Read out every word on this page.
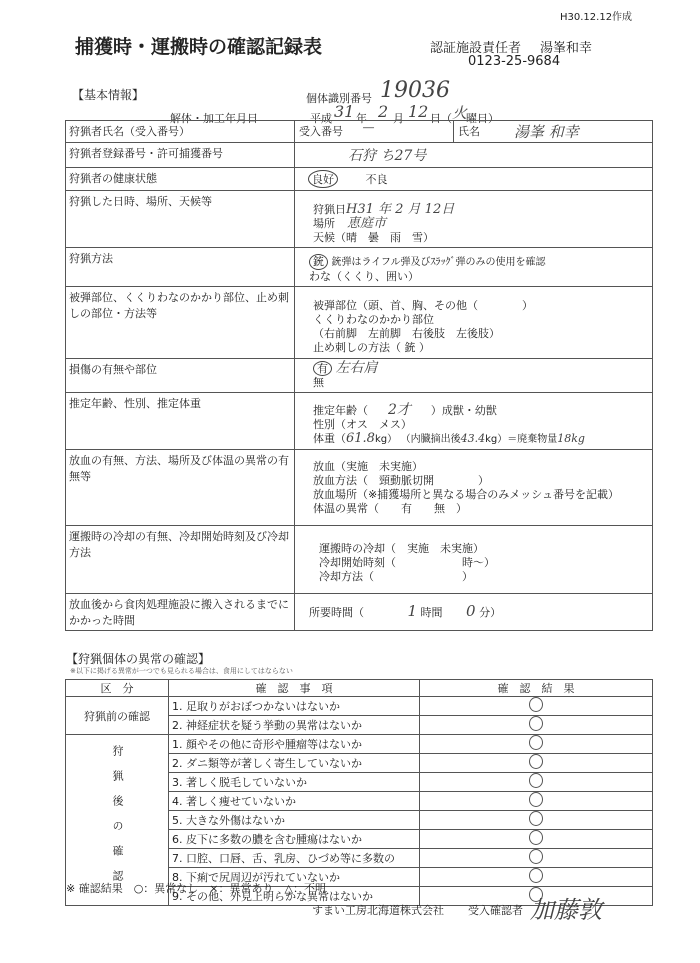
H30.12.12作成
捕獲時・運搬時の確認記録表	認証施設責任者 湯峯和幸
0123-25-9684
【基本情報】	個体識別番号 19036
解体・加工年月日	平成 31 年 2 月 12 日（ 火
曜日）
狩猟者氏名（受入番号）	受入番号 ― 氏名 湯峯 和幸

狩猟者登録番号・許可捕獲番号	石狩 ち27号
狩猟者の健康状態	良好 不良
狩猟した日時、場所、天候等	狩猟日H31 年 2 月 12日
場所 恵庭市
天候（晴　曇　雨　雪）

狩猟方法	銃 銃弾はライフル弾及びｽﾗｯｸﾞ弾のみの使用を確認
わな（くくり、囲い）

被弾部位、くくりわなのかかり部位、止め刺しの部位・方法等	被弾部位（頭、首、胸、その他（　　　　）
くくりわなのかかり部位
（右前脚　左前脚　右後肢　左後肢）
止め刺しの方法（ 銃 ）

損傷の有無や部位	有 左右肩
無

推定年齢、性別、推定体重	推定年齢（ 2才 ）成獣・幼獣
性別（オス　メス）
体重（61.8kg） （内臓摘出後43.4kg）＝廃棄物量18kg

放血の有無、方法、場所及び体温の異常の有無等	放血（実施　未実施）
放血方法（　頸動脈切開　　　　）
放血場所（※捕獲場所と異なる場合のみメッシュ番号を記載）
体温の異常（　　有　　無　）

運搬時の冷却の有無、冷却開始時刻及び冷却方法	運搬時の冷却（　実施　未実施）
冷却開始時刻（　　　　　　時～）
冷却方法（　　　　　　　　）

放血後から食肉処理施設に搬入されるまでにかかった時間	所要時間（ 1 時間 0 分）
【狩猟個体の異常の確認】
※以下に掲げる異常が一つでも見られる場合は、食用にしてはならない
区　分	確　認　事　項	確　認　結　果
狩猟前の確認	1. 足取りがおぼつかないはないか	
	2. 神経症状を疑う挙動の異常はないか	
狩猟後の確認	1. 顔やその他に奇形や腫瘤等はないか	
	2. ダニ類等が著しく寄生していないか	
	3. 著しく脱毛していないか	
	4. 著しく痩せていないか	
	5. 大きな外傷はないか	
	6. 皮下に多数の膿を含む腫瘍はないか	
	7. 口腔、口唇、舌、乳房、ひづめ等に多数の	
	8. 下痢で尻周辺が汚れていないか	
	9. その他、外見上明らかな異常はないか	
※ 確認結果　○：異常なし　×：異常あり　△：不明
すまい工房北海道株式会社 受入確認者 加藤敦
